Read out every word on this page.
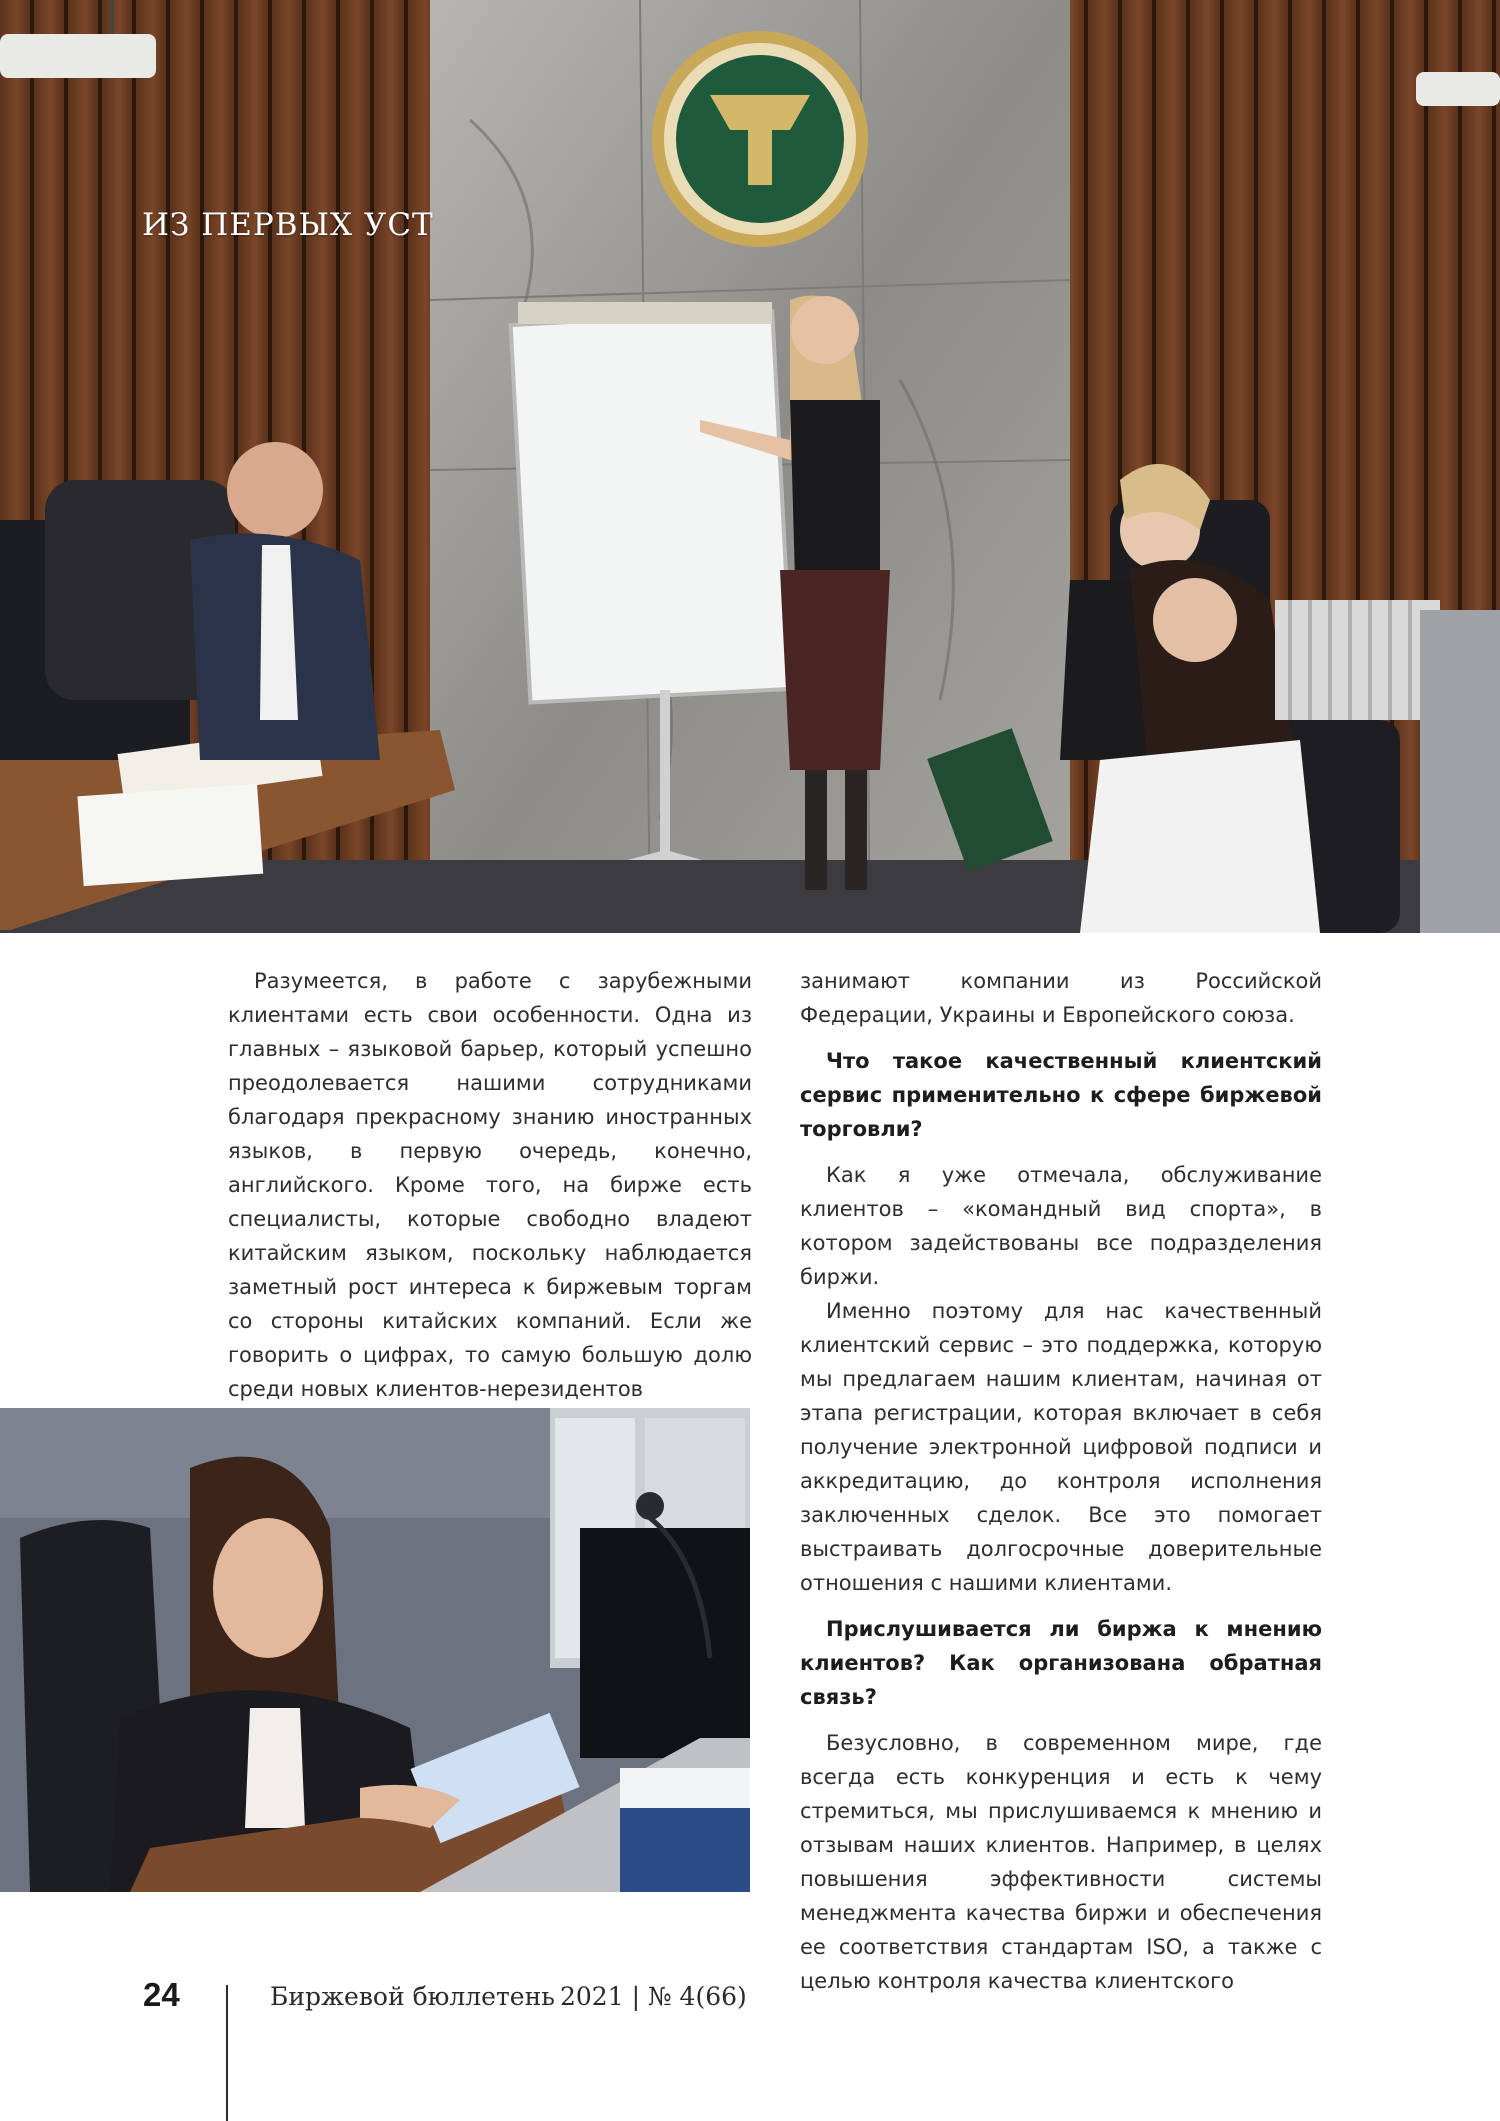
ИЗ ПЕРВЫХ УСТ

Разумеется, в работе с зарубежными клиентами есть свои особенности. Одна из главных – языковой барьер, который успешно преодолевается нашими сотрудниками благодаря прекрасному знанию иностранных языков, в первую очередь, конечно, английского. Кроме того, на бирже есть специалисты, которые свободно владеют китайским языком, поскольку наблюдается заметный рост интереса к биржевым торгам со стороны китайских компаний. Если же говорить о цифрах, то самую большую долю среди новых клиентов-нерезидентов

занимают компании из Российской Федерации, Украины и Европейского союза.

Что такое качественный клиентский сервис применительно к сфере биржевой торговли?

Как я уже отмечала, обслуживание клиентов – «командный вид спорта», в котором задействованы все подразделения биржи.

Именно поэтому для нас качественный клиентский сервис – это поддержка, которую мы предлагаем нашим клиентам, начиная от этапа регистрации, которая включает в себя получение электронной цифровой подписи и аккредитацию, до контроля исполнения заключенных сделок. Все это помогает выстраивать долгосрочные доверительные отношения с нашими клиентами.

Прислушивается ли биржа к мнению клиентов? Как организована обратная связь?

Безусловно, в современном мире, где всегда есть конкуренция и есть к чему стремиться, мы прислушиваемся к мнению и отзывам наших клиентов. Например, в целях повышения эффективности системы менеджмента качества биржи и обеспечения ее соответствия стандартам ISO, а также с целью контроля качества клиентского

24	Биржевой бюллетень 2021 | № 4(66)
